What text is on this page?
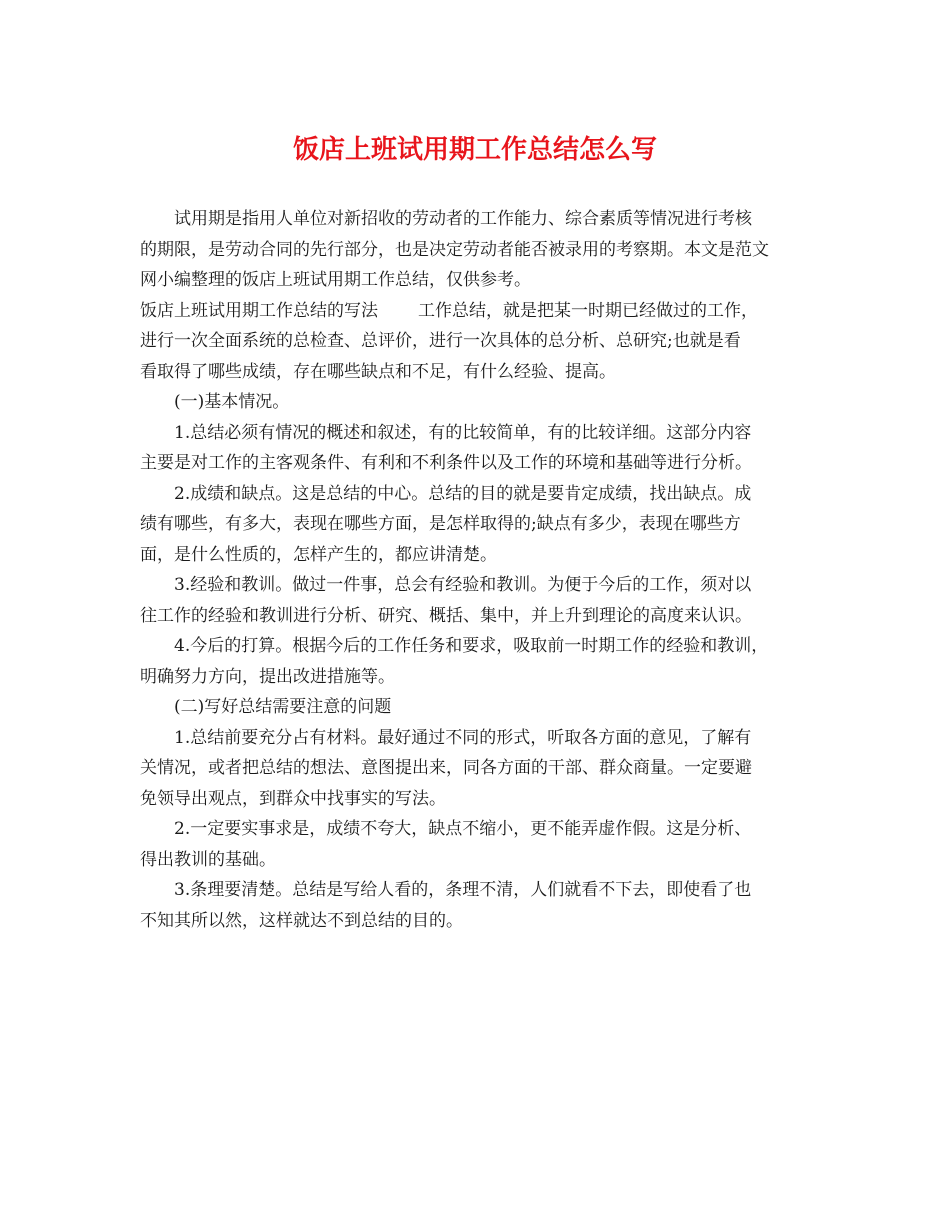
饭店上班试用期工作总结怎么写
试用期是指用人单位对新招收的劳动者的工作能力、综合素质等情况进行考核
的期限，是劳动合同的先行部分，也是决定劳动者能否被录用的考察期。本文是范文
网小编整理的饭店上班试用期工作总结，仅供参考。
饭店上班试用期工作总结的写法 工作总结，就是把某一时期已经做过的工作，
进行一次全面系统的总检查、总评价，进行一次具体的总分析、总研究;也就是看
看取得了哪些成绩，存在哪些缺点和不足，有什么经验、提高。
(一)基本情况。
1.总结必须有情况的概述和叙述，有的比较简单，有的比较详细。这部分内容
主要是对工作的主客观条件、有利和不利条件以及工作的环境和基础等进行分析。
2.成绩和缺点。这是总结的中心。总结的目的就是要肯定成绩，找出缺点。成
绩有哪些，有多大，表现在哪些方面，是怎样取得的;缺点有多少，表现在哪些方
面，是什么性质的，怎样产生的，都应讲清楚。
3.经验和教训。做过一件事，总会有经验和教训。为便于今后的工作，须对以
往工作的经验和教训进行分析、研究、概括、集中，并上升到理论的高度来认识。
4.今后的打算。根据今后的工作任务和要求，吸取前一时期工作的经验和教训，
明确努力方向，提出改进措施等。
(二)写好总结需要注意的问题
1.总结前要充分占有材料。最好通过不同的形式，听取各方面的意见，了解有
关情况，或者把总结的想法、意图提出来，同各方面的干部、群众商量。一定要避
免领导出观点，到群众中找事实的写法。
2.一定要实事求是，成绩不夸大，缺点不缩小，更不能弄虚作假。这是分析、
得出教训的基础。
3.条理要清楚。总结是写给人看的，条理不清，人们就看不下去，即使看了也
不知其所以然，这样就达不到总结的目的。
